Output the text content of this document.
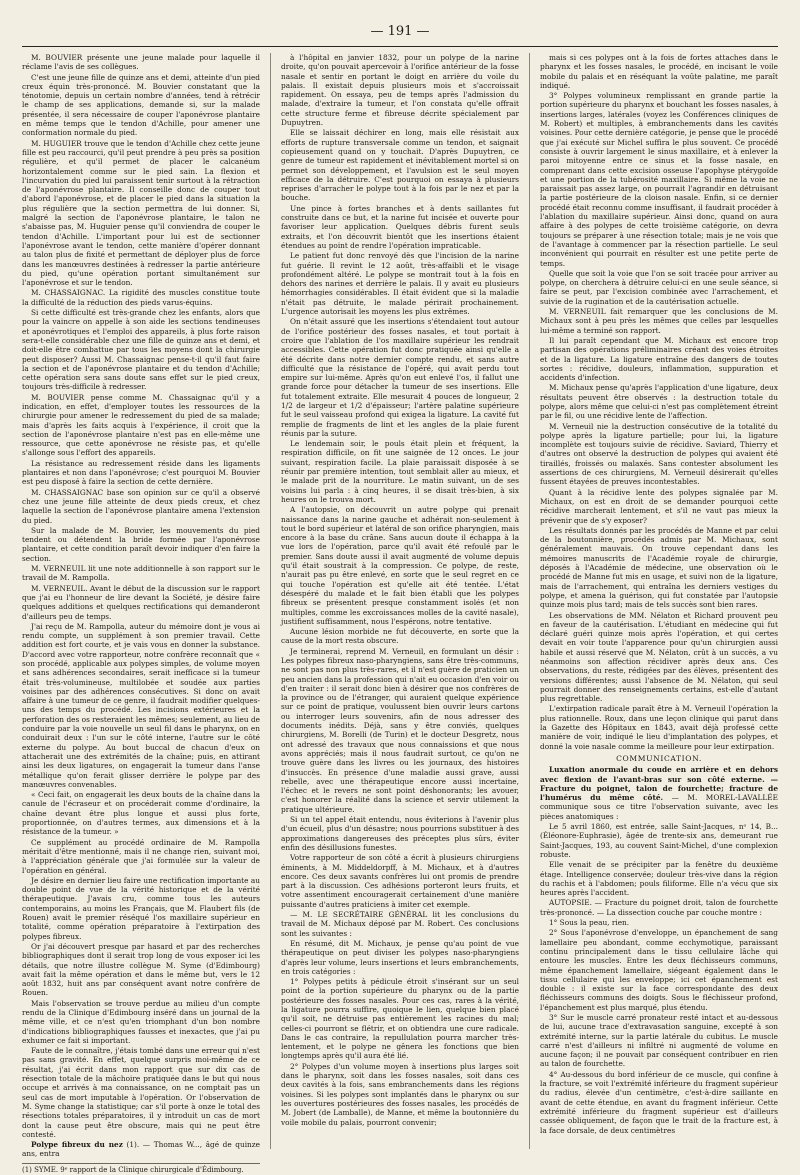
— 191 —

M. BOUVIER présente une jeune malade pour laquelle il réclame l'avis de ses collègues.

C'est une jeune fille de quinze ans et demi, atteinte d'un pied creux équin très-prononcé. M. Bouvier constatant que la ténotomie, depuis un certain nombre d'années, tend à rétrécir le champ de ses applications, demande si, sur la malade présentée, il sera nécessaire de couper l'aponévrose plantaire en même temps que le tendon d'Achille, pour amener une conformation normale du pied.

M. HUGUIER trouve que le tendon d'Achille chez cette jeune fille est peu raccourci, qu'il peut prendre à peu près sa position régulière, et qu'il permet de placer le calcanéum horizontalement comme sur le pied sain. La flexion et l'incurvation du pied lui paraissent tenir surtout à la rétraction de l'aponévrose plantaire. Il conseille donc de couper tout d'abord l'aponévrose, et de placer le pied dans la situation la plus régulière que la section permettra de lui donner. Si, malgré la section de l'aponévrose plantaire, le talon ne s'abaisse pas, M. Huguier pense qu'il conviendra de couper le tendon d'Achille. L'important pour lui est de sectionner l'aponévrose avant le tendon, cette manière d'opérer donnant au talon plus de fixité et permettant de déployer plus de force dans les manœuvres destinées à redresser la partie antérieure du pied, qu'une opération portant simultanément sur l'aponévrose et sur le tendon.

M. CHASSAIGNAC. La rigidité des muscles constitue toute la difficulté de la réduction des pieds varus-équins.

Si cette difficulté est très-grande chez les enfants, alors que pour la vaincre on appelle à son aide les sections tendineuses et aponévrotiques et l'emploi des appareils, à plus forte raison sera-t-elle considérable chez une fille de quinze ans et demi, et doit-elle être combattue par tous les moyens dont la chirurgie peut disposer? Aussi M. Chassaignac pense-t-il qu'il faut faire la section et de l'aponévrose plantaire et du tendon d'Achille; cette opération sera sans doute sans effet sur le pied creux, toujours très-difficile à redresser.

M. BOUVIER pense comme M. Chassaignac qu'il y a indication, en effet, d'employer toutes les ressources de la chirurgie pour amener le redressement du pied de sa malade; mais d'après les faits acquis à l'expérience, il croit que la section de l'aponévrose plantaire n'est pas en elle-même une ressource, que cette aponévrose ne résiste pas, et qu'elle s'allonge sous l'effort des appareils.

La résistance au redressement réside dans les ligaments plantaires et non dans l'aponévrose; c'est pourquoi M. Bouvier est peu disposé à faire la section de cette dernière.

M. CHASSAIGNAC base son opinion sur ce qu'il a observé chez une jeune fille atteinte de deux pieds creux, et chez laquelle la section de l'aponévrose plantaire amena l'extension du pied.

Sur la malade de M. Bouvier, les mouvements du pied tendent ou détendent la bride formée par l'aponévrose plantaire, et cette condition paraît devoir indiquer d'en faire la section.

M. VERNEUIL lit une note additionnelle à son rapport sur le travail de M. Rampolla.

M. VERNEUIL. Avant le début de la discussion sur le rapport que j'ai eu l'honneur de lire devant la Société, je désire faire quelques additions et quelques rectifications qui demanderont d'ailleurs peu de temps.

J'ai reçu de M. Rampolla, auteur du mémoire dont je vous ai rendu compte, un supplément à son premier travail. Cette addition est fort courte, et je vais vous en donner la substance. D'accord avec votre rapporteur, notre confrère reconnaît que « son procédé, applicable aux polypes simples, de volume moyen et sans adhérences secondaires, serait inefficace si la tumeur était très-volumineuse, multilobée et soudée aux parties voisines par des adhérences consécutives. Si donc on avait affaire à une tumeur de ce genre, il faudrait modifier quelques-uns des temps du procédé. Les incisions extérieures et la perforation des os resteraient les mêmes; seulement, au lieu de conduire par la voie nouvelle un seul fil dans le pharynx, on en conduirait deux : l'un sur le côté interne, l'autre sur le côté externe du polype. Au bout buccal de chacun d'eux on attacherait une des extrémités de la chaîne; puis, en attirant ainsi les deux ligatures, on engagerait la tumeur dans l'anse métallique qu'on ferait glisser derrière le polype par des manœuvres convenables.

« Ceci fait, on engagerait les deux bouts de la chaîne dans la canule de l'écraseur et on procéderait comme d'ordinaire, la chaîne devant être plus longue et aussi plus forte, proportionnée, on d'autres termes, aux dimensions et à la résistance de la tumeur. »

Ce supplément au procédé ordinaire de M. Rampolla méritait d'être mentionné, mais il ne change rien, suivant moi, à l'appréciation générale que j'ai formulée sur la valeur de l'opération en général.

Je désire en dernier lieu faire une rectification importante au double point de vue de la vérité historique et de la vérité thérapeutique. J'avais cru, comme tous les auteurs contemporains, au moins les Français, que M. Flaubert fils (de Rouen) avait le premier réséqué l'os maxillaire supérieur en totalité, comme opération préparatoire à l'extirpation des polypes fibreux.

Or j'ai découvert presque par hasard et par des recherches bibliographiques dont il serait trop long de vous exposer ici les détails, que notre illustre collègue M. Syme (d'Edimbourg) avait fait la même opération et dans le même but, vers le 12 août 1832, huit ans par conséquent avant notre confrère de Rouen.

Mais l'observation se trouve perdue au milieu d'un compte rendu de la Clinique d'Edimbourg inséré dans un journal de la même ville, et ce n'est qu'en triomphant d'un bon nombre d'indications bibliographiques fausses et inexactes, que j'ai pu exhumer ce fait si important.

Faute de le connaître, j'étais tombé dans une erreur qui n'est pas sans gravité. En effet, quelque surpris moi-même de ce résultat, j'ai écrit dans mon rapport que sur dix cas de résection totale de la mâchoire pratiquée dans le but qui nous occupe et arrivés à ma connaissance, on ne comptait pas un seul cas de mort imputable à l'opération. Or l'observation de M. Syme change la statistique; car s'il porte à onze le total des résections totales préparatoires, il y introduit un cas de mort dont la cause peut être obscure, mais qui ne peut être contesté.

Polype fibreux du nez (1). — Thomas W..., âgé de quinze ans, entra

(1) SYME. 9ᵉ rapport de la Clinique chirurgicale d'Édimbourg.

à l'hôpital en janvier 1832, pour un polype de la narine droite, qu'on pouvait apercevoir à l'orifice antérieur de la fosse nasale et sentir en portant le doigt en arrière du voile du palais. Il existait depuis plusieurs mois et s'accroissait rapidement. On essaya, peu de temps après l'admission du malade, d'extraire la tumeur, et l'on constata qu'elle offrait cette structure ferme et fibreuse décrite spécialement par Dupuytren.

Elle se laissait déchirer en long, mais elle résistait aux efforts de rupture transversale comme un tendon, et saignait copieusement quand on y touchait. D'après Dupuytren, ce genre de tumeur est rapidement et inévitablement mortel si on permet son développement, et l'avulsion est le seul moyen efficace de la détruire. C'est pourquoi on essaya à plusieurs reprises d'arracher le polype tout à la fois par le nez et par la bouche.

Une pince à fortes branches et à dents saillantes fut construite dans ce but, et la narine fut incisée et ouverte pour favoriser leur application. Quelques débris furent seuls extraits, et l'on découvrit bientôt que les insertions étaient étendues au point de rendre l'opération impraticable.

Le patient fut donc renvoyé dès que l'incision de la narine fut guérie. Il revint le 12 août, très-affaibli et le visage profondément altéré. Le polype se montrait tout à la fois en dehors des narines et derrière le palais. Il y avait eu plusieurs hémorrhagies considérables. Il était évident que si la maladie n'était pas détruite, le malade périrait prochainement. L'urgence autorisait les moyens les plus extrêmes.

On n'était assuré que les insertions s'étendaient tout autour de l'orifice postérieur des fosses nasales, et tout portait à croire que l'ablation de l'os maxillaire supérieur les rendrait accessibles. Cette opération fut donc pratiquée ainsi qu'elle a été décrite dans notre dernier compte rendu, et sans autre difficulté que la résistance de l'opéré, qui avait perdu tout empire sur lui-même. Après qu'on eut enlevé l'os, il fallut une grande force pour détacher la tumeur de ses insertions. Elle fut totalement extraite. Elle mesurait 4 pouces de longueur, 2 1/2 de largeur et 1/2 d'épaisseur; l'artère palatine supérieure fut le seul vaisseau profond qui exigea la ligature. La cavité fut remplie de fragments de lint et les angles de la plaie furent réunis par la suture.

Le lendemain soir, le pouls était plein et fréquent, la respiration difficile, on fit une saignée de 12 onces. Le jour suivant, respiration facile. La plaie paraissait disposée à se réunir par première intention, tout semblait aller au mieux, et le malade prit de la nourriture. Le matin suivant, un de ses voisins lui parla : à cinq heures, il se disait très-bien, à six heures on le trouva mort.

A l'autopsie, on découvrit un autre polype qui prenait naissance dans la narine gauche et adhérait non-seulement à tout le bord supérieur et latéral de son orifice pharyngien, mais encore à la base du crâne. Sans aucun doute il échappa à la vue lors de l'opération, parce qu'il avait été refoulé par le premier. Sans doute aussi il avait augmenté de volume depuis qu'il était soustrait à la compression. Ce polype, de reste, n'aurait pas pu être enlevé, en sorte que le seul regret en ce qui touche l'opération est qu'elle ait été tentée. L'état désespéré du malade et le fait bien établi que les polypes fibreux se présentent presque constamment isolés (et non multiples, comme les excroissances molles de la cavité nasale), justifient suffisamment, nous l'espérons, notre tentative.

Aucune lésion morbide ne fut découverte, en sorte que la cause de la mort resta obscure.

Je terminerai, reprend M. Verneuil, en formulant un désir : Les polypes fibreux naso-pharyngiens, sans être très-communs, ne sont pas non plus très-rares, et il n'est guère de praticien un peu ancien dans la profession qui n'ait eu occasion d'en voir ou d'en traiter : il serait donc bien à désirer que nos confrères de la province ou de l'étranger, qui auraient quelque expérience sur ce point de pratique, voulussent bien ouvrir leurs cartons ou interroger leurs souvenirs, afin de nous adresser des documents inédits. Déjà, sans y être conviés, quelques chirurgiens, M. Borelli (de Turin) et le docteur Desgretz, nous ont adressé des travaux que nous connaissions et que nous avons appréciés; mais il nous faudrait surtout, ce qu'on ne trouve guère dans les livres ou les journaux, des histoires d'insuccès. En présence d'une maladie aussi grave, aussi rebelle, avec une thérapeutique encore aussi incertaine, l'échec et le revers ne sont point déshonorants; les avouer, c'est honorer la réalité dans la science et servir utilement la pratique ultérieure.

Si un tel appel était entendu, nous éviterions à l'avenir plus d'un écueil, plus d'un désastre; nous pourrions substituer à des approximations dangereuses des préceptes plus sûrs, éviter enfin des désillusions funestes.

Votre rapporteur de son côté a écrit à plusieurs chirurgiens éminents, à M. Middeldorpff, à M. Michaux, et à d'autres encore. Ces deux savants confrères lui ont promis de prendre part à la discussion. Ces adhésions porteront leurs fruits, et votre assentiment encouragerait certainement d'une manière puissante d'autres praticiens à imiter cet exemple.

— M. LE SECRÉTAIRE GÉNÉRAL lit les conclusions du travail de M. Michaux déposé par M. Robert. Ces conclusions sont les suivantes :

En résumé, dit M. Michaux, je pense qu'au point de vue thérapeutique on peut diviser les polypes naso-pharyngiens d'après leur volume, leurs insertions et leurs embranchements, en trois catégories :

1° Polypes petits à pédicule étroit s'insérant sur un seul point de la portion supérieure du pharynx ou de la partie postérieure des fosses nasales. Pour ces cas, rares à la vérité, la ligature pourra suffire, quoique le lien, quelque bien placé qu'il soit, ne détruise pas entièrement les racines du mal; celles-ci pourront se flétrir, et on obtiendra une cure radicale. Dans le cas contraire, la repullulation pourra marcher très-lentement, et le polype ne gênera les fonctions que bien longtemps après qu'il aura été lié.

2° Polypes d'un volume moyen à insertions plus larges soit dans le pharynx, soit dans les fosses nasales, soit dans ces deux cavités à la fois, sans embranchements dans les régions voisines. Si les polypes sont implantés dans le pharynx ou sur les ouvertures postérieures des fosses nasales, les procédés de M. Jobert (de Lamballe), de Manne, et même la boutonnière du voile mobile du palais, pourront convenir;

mais si ces polypes ont à la fois de fortes attaches dans le pharynx et les fosses nasales, le procédé, en incisant le voile mobile du palais et en réséquant la voûte palatine, me paraît indiqué.

3° Polypes volumineux remplissant en grande partie la portion supérieure du pharynx et bouchant les fosses nasales, à insertions larges, latérales (voyez les Conférences cliniques de M. Robert) et multiples, à embranchements dans les cavités voisines. Pour cette dernière catégorie, je pense que le procédé que j'ai exécuté sur Michel suffira le plus souvent. Ce procédé consiste à ouvrir largement le sinus maxillaire, et à enlever la paroi mitoyenne entre ce sinus et la fosse nasale, en comprenant dans cette excision osseuse l'apophyse ptérygoïde et une portion de la tubérosité maxillaire. Si même la voie ne paraissait pas assez large, on pourrait l'agrandir en détruisant la partie postérieure de la cloison nasale. Enfin, si ce dernier procédé était reconnu comme insuffisant, il faudrait procéder à l'ablation du maxillaire supérieur. Ainsi donc, quand on aura affaire à des polypes de cette troisième catégorie, on devra toujours se préparer à une résection totale; mais je ne vois que de l'avantage à commencer par la résection partielle. Le seul inconvénient qui pourrait en résulter est une petite perte de temps.

Quelle que soit la voie que l'on se soit tracée pour arriver au polype, on cherchera à détruire celui-ci en une seule séance, si faire se peut, par l'excision combinée avec l'arrachement, et suivie de la rugination et de la cautérisation actuelle.

M. VERNEUIL fait remarquer que les conclusions de M. Michaux sont à peu près les mêmes que celles par lesquelles lui-même a terminé son rapport.

Il lui paraît cependant que M. Michaux est encore trop partisan des opérations préliminaires créant des voies étroites et de la ligature. La ligature entraîne des dangers de toutes sortes : récidive, douleurs, inflammation, suppuration et accidents d'infection.

M. Michaux pense qu'après l'application d'une ligature, deux résultats peuvent être observés : la destruction totale du polype, alors même que celui-ci n'est pas complètement étreint par le fil, ou une récidive lente de l'affection.

M. Verneuil nie la destruction consécutive de la totalité du polype après la ligature partielle; pour lui, la ligature incomplète est toujours suivie de récidive. Saviard, Thierry et d'autres ont observé la destruction de polypes qui avaient été tiraillés, froissés ou malaxés. Sans contester absolument les assertions de ces chirurgiens, M. Verneuil désirerait qu'elles fussent étayées de preuves incontestables.

Quant à la récidive lente des polypes signalée par M. Michaux, on est en droit de se demander pourquoi cette récidive marcherait lentement, et s'il ne vaut pas mieux la prévenir que de s'y exposer?

Les résultats donnés par les procédés de Manne et par celui de la boutonnière, procédés admis par M. Michaux, sont généralement mauvais. On trouve cependant dans les mémoires manuscrits de l'Académie royale de chirurgie, déposés à l'Académie de médecine, une observation où le procédé de Manne fut mis en usage, et suivi non de la ligature, mais de l'arrachement, qui entraîna les derniers vestiges du polype, et amena la guérison, qui fut constatée par l'autopsie quinze mois plus tard; mais de tels succès sont bien rares.

Les observations de MM. Nélaton et Richard prouvent peu en faveur de la cautérisation. L'étudiant en médecine qui fut déclaré guéri quinze mois après l'opération, et qui certes devait en voir toute l'apparence pour qu'un chirurgien aussi habile et aussi réservé que M. Nélaton, crût à un succès, a vu néanmoins son affection récidiver après deux ans. Ces observations, du reste, rédigées par des élèves, présentent des versions différentes; aussi l'absence de M. Nélaton, qui seul pourrait donner des renseignements certains, est-elle d'autant plus regrettable.

L'extirpation radicale paraît être à M. Verneuil l'opération la plus rationnelle. Roux, dans une leçon clinique qui parut dans la Gazette des Hôpitaux en 1843, avait déjà professé cette manière de voir, indiqué le lieu d'implantation des polypes, et donné la voie nasale comme la meilleure pour leur extirpation.

COMMUNICATION.

Luxation anormale du coude en arrière et en dehors avec flexion de l'avant-bras sur son côté externe. — Fracture du poignet, talon de fourchette; fracture de l'humérus du même côté. — M. MOREL-LAVALLÉE communique sous ce titre l'observation suivante, avec les pièces anatomiques :

Le 5 avril 1860, est entrée, salle Saint-Jacques, nᵒ 14, B... (Éléonore-Euphrasie), âgée de trente-six ans, demeurant rue Saint-Jacques, 193, au couvent Saint-Michel, d'une complexion robuste.

Elle venait de se précipiter par la fenêtre du deuxième étage. Intelligence conservée; douleur très-vive dans la région du rachis et à l'abdomen; pouls filiforme. Elle n'a vécu que six heures après l'accident.

AUTOPSIE. — Fracture du poignet droit, talon de fourchette très-prononcé. — La dissection couche par couche montre :

1° Sous la peau, rien.

2° Sous l'aponévrose d'enveloppe, un épanchement de sang lamellaire peu abondant, comme ecchymotique, paraissant continu principalement dans le tissu cellulaire lâche qui entoure les muscles. Entre les deux fléchisseurs communs, même épanchement lamellaire, siégeant également dans le tissu cellulaire qui les enveloppe; ici cet épanchement est double : il existe sur la face correspondante des deux fléchisseurs communs des doigts. Sous le fléchisseur profond, l'épanchement est plus marqué, plus étendu.

3° Sur le muscle carré pronateur resté intact et au-dessous de lui, aucune trace d'extravasation sanguine, excepté à son extrémité interne, sur la partie latérale du cubitus. Le muscle carré n'est d'ailleurs ni infiltré ni augmenté de volume en aucune façon; il ne pouvait par conséquent contribuer en rien au talon de fourchette.

4° Au-dessous du bord inférieur de ce muscle, qui confine à la fracture, se voit l'extrémité inférieure du fragment supérieur du radius, élevée d'un centimètre, c'est-à-dire saillante en avant de cette étendue, en avant du fragment inférieur. Cette extrémité inférieure du fragment supérieur est d'ailleurs cassée obliquement, de façon que le trait de la fracture est, à la face dorsale, de deux centimètres
